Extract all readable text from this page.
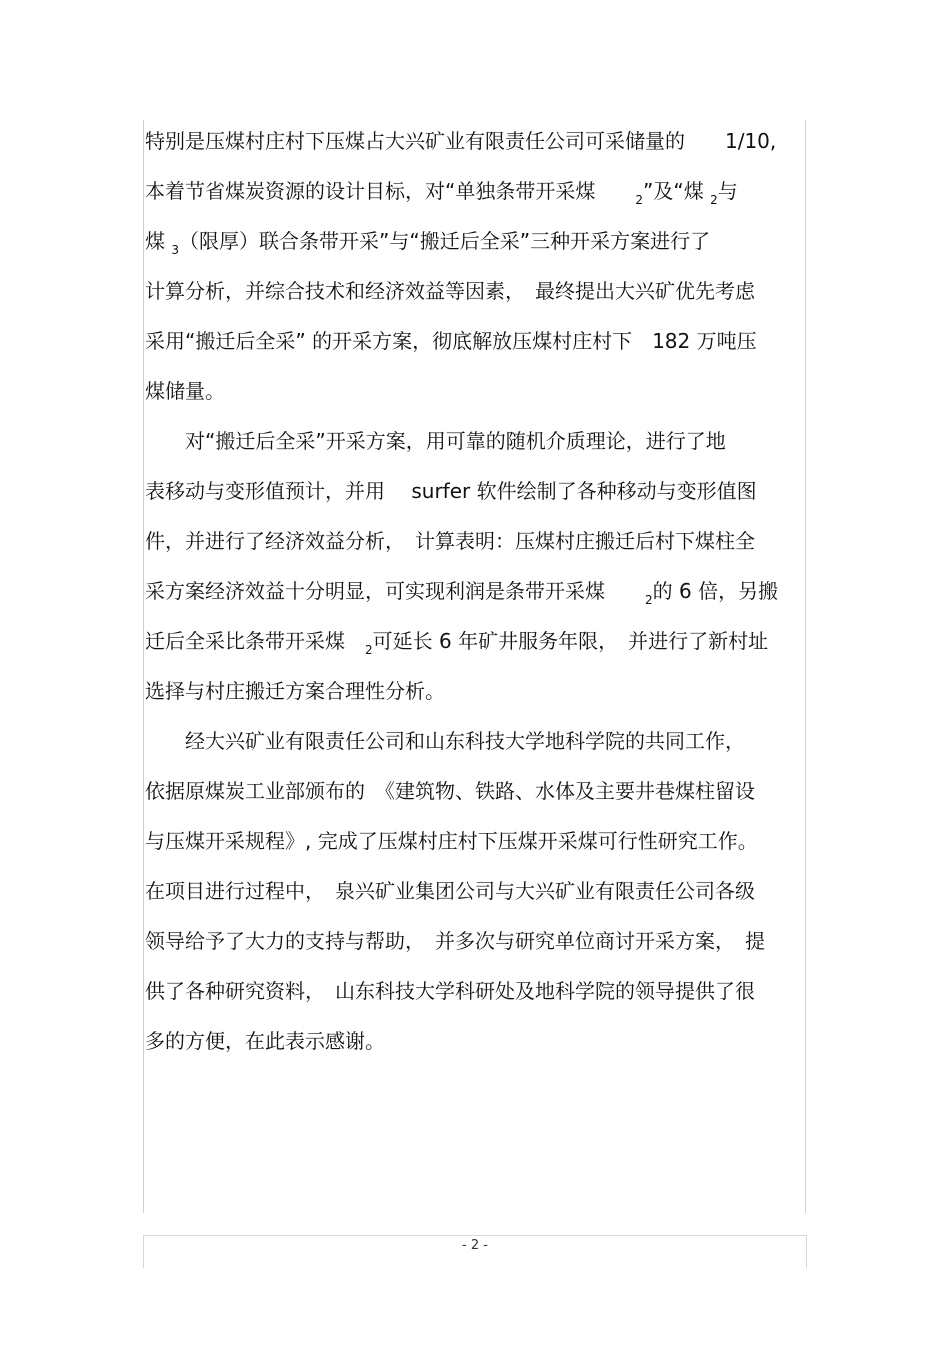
特别是压煤村庄村下压煤占大兴矿业有限责任公司可采储量的　　1/10,
本着节省煤炭资源的设计目标，对“单独条带开采煤　　$_2$”及“煤 $_2$与
煤 $_3$（限厚）联合条带开采”与“搬迁后全采”三种开采方案进行了
计算分析，并综合技术和经济效益等因素，　最终提出大兴矿优先考虑
采用“搬迁后全采” 的开采方案，彻底解放压煤村庄村下　182 万吨压
煤储量。
　　对“搬迁后全采”开采方案，用可靠的随机介质理论，进行了地
表移动与变形值预计，并用　 surfer 软件绘制了各种移动与变形值图
件，并进行了经济效益分析，　计算表明：压煤村庄搬迁后村下煤柱全
采方案经济效益十分明显，可实现利润是条带开采煤　　$_2$的 6 倍，另搬
迁后全采比条带开采煤　$_2$可延长 6 年矿井服务年限，　并进行了新村址
选择与村庄搬迁方案合理性分析。
　　经大兴矿业有限责任公司和山东科技大学地科学院的共同工作，
依据原煤炭工业部颁布的　《建筑物、铁路、水体及主要井巷煤柱留设
与压煤开采规程》, 完成了压煤村庄村下压煤开采煤可行性研究工作。
在项目进行过程中，　泉兴矿业集团公司与大兴矿业有限责任公司各级
领导给予了大力的支持与帮助，　并多次与研究单位商讨开采方案，　提
供了各种研究资料，　山东科技大学科研处及地科学院的领导提供了很
多的方便，在此表示感谢。
- 2 -
